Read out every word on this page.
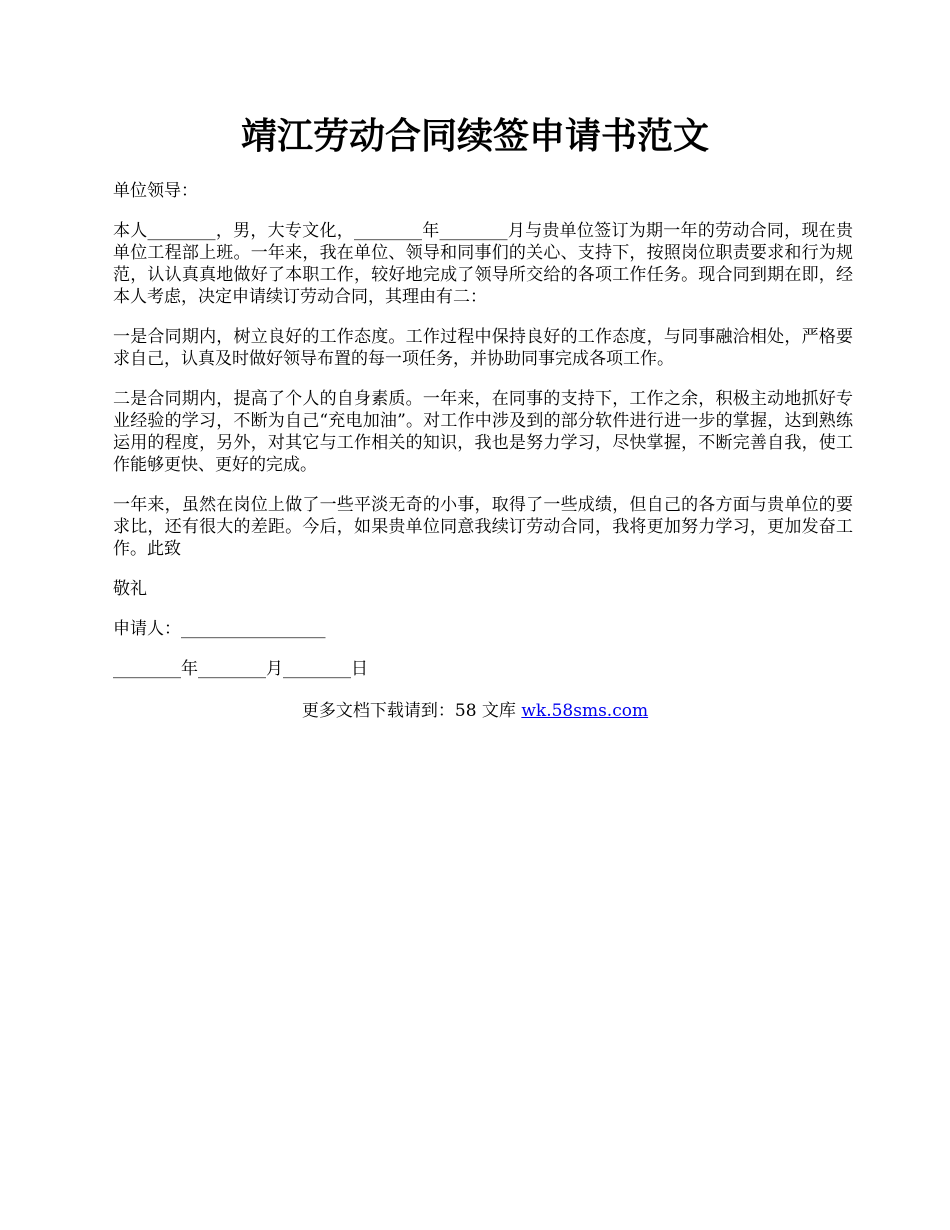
靖江劳动合同续签申请书范文

单位领导：

本人________，男，大专文化，________年________月与贵单位签订为期一年的劳动合同，现在贵单位工程部上班。一年来，我在单位、领导和同事们的关心、支持下，按照岗位职责要求和行为规范，认认真真地做好了本职工作，较好地完成了领导所交给的各项工作任务。现合同到期在即，经本人考虑，决定申请续订劳动合同，其理由有二：

一是合同期内，树立良好的工作态度。工作过程中保持良好的工作态度，与同事融洽相处，严格要求自己，认真及时做好领导布置的每一项任务，并协助同事完成各项工作。

二是合同期内，提高了个人的自身素质。一年来，在同事的支持下，工作之余，积极主动地抓好专业经验的学习，不断为自己“充电加油”。对工作中涉及到的部分软件进行进一步的掌握，达到熟练运用的程度，另外，对其它与工作相关的知识，我也是努力学习，尽快掌握，不断完善自我，使工作能够更快、更好的完成。

一年来，虽然在岗位上做了一些平淡无奇的小事，取得了一些成绩，但自己的各方面与贵单位的要求比，还有很大的差距。今后，如果贵单位同意我续订劳动合同，我将更加努力学习，更加发奋工作。此致

敬礼

申请人：_________________

________年________月________日

更多文档下载请到：58 文库 wk.58sms.com
